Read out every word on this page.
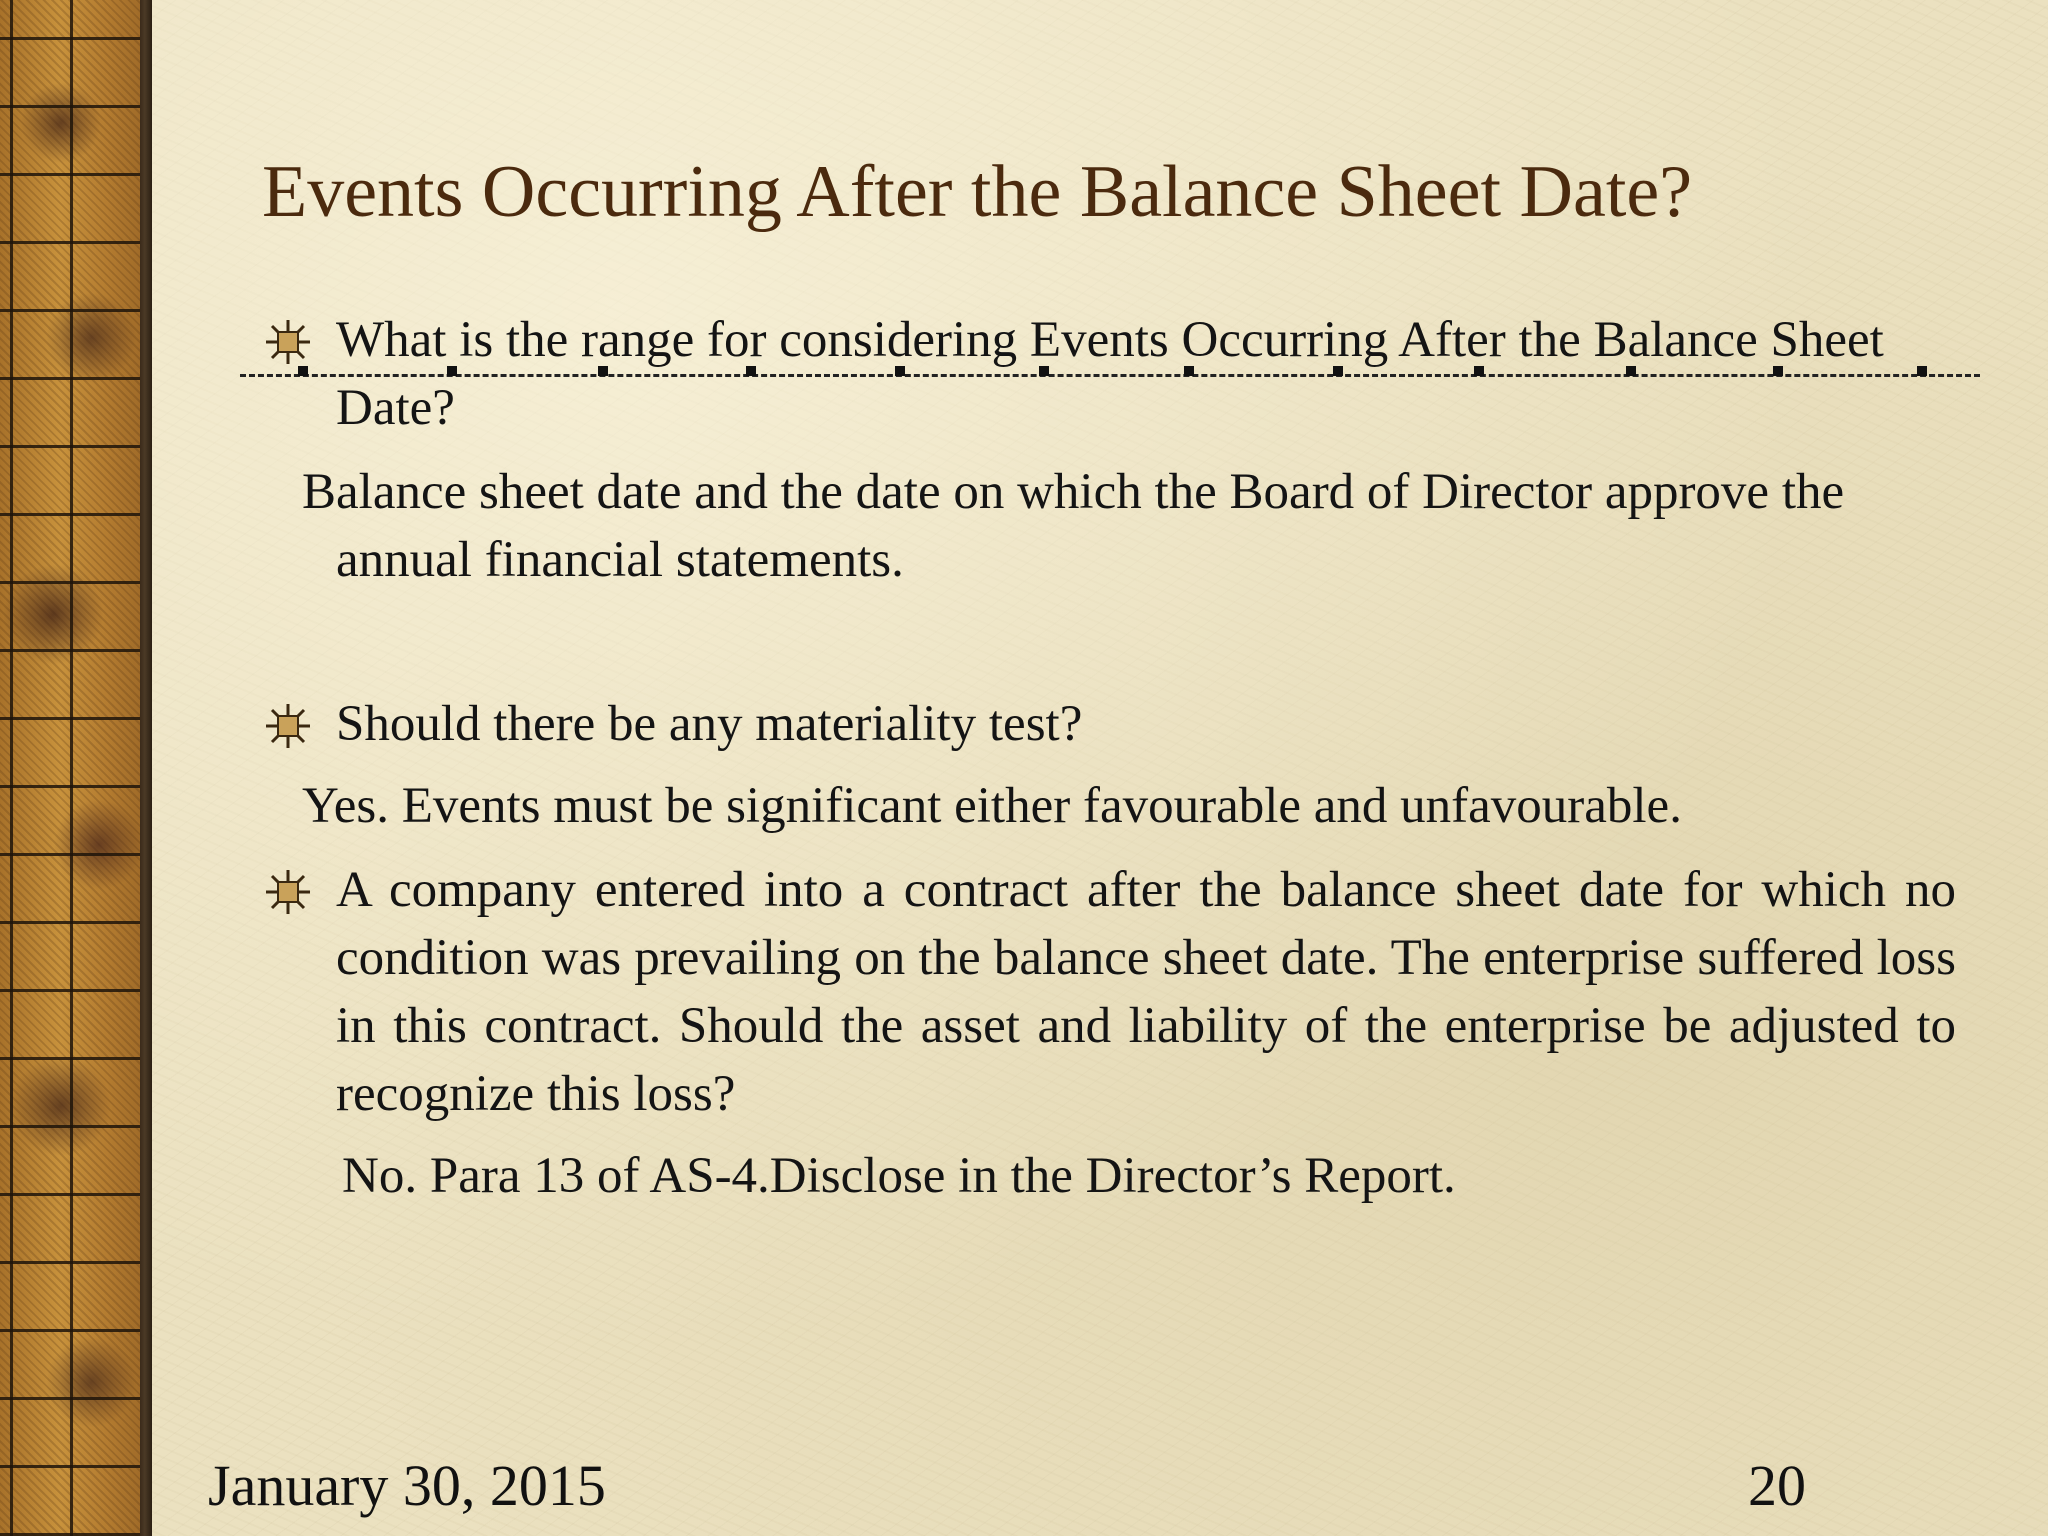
Events Occurring After the Balance Sheet Date?
What is the range for considering Events Occurring After the Balance Sheet Date?
Balance sheet date and the date on which the Board of Director approve the annual financial statements.
Should there be any materiality test?
Yes. Events must be significant either favourable and unfavourable.
A company entered into a contract after the balance sheet date for which no condition was prevailing on the balance sheet date. The enterprise suffered loss in this contract. Should the asset and liability of the enterprise be adjusted to recognize this loss?
No. Para 13 of AS-4.Disclose in the Director’s Report.
January 30, 2015	20
